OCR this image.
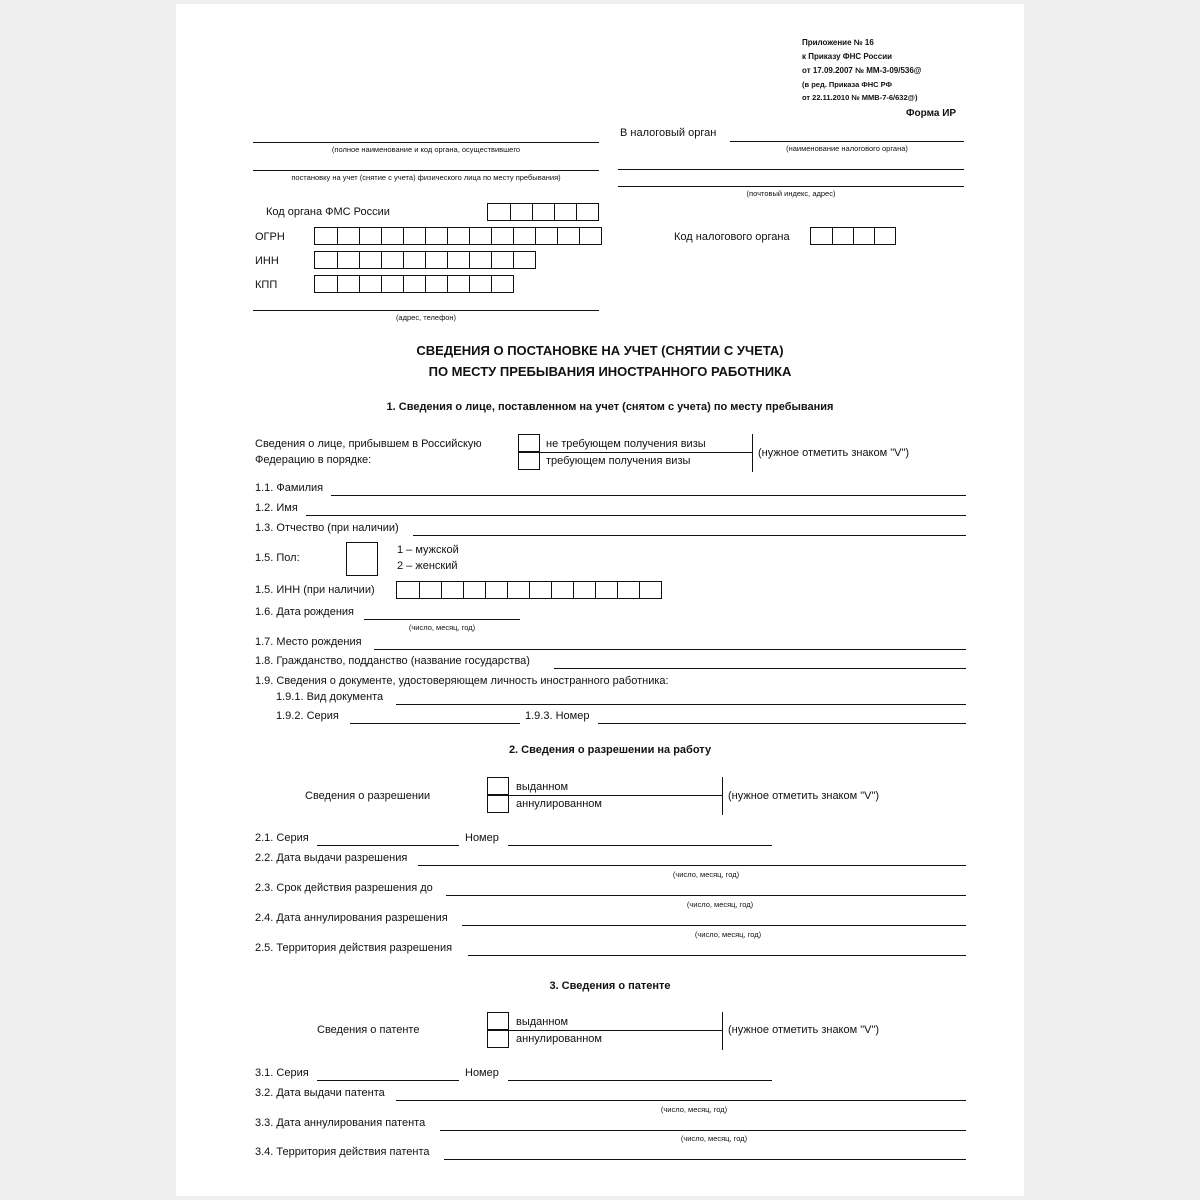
Приложение № 16
к Приказу ФНС России
от 17.09.2007 № ММ-3-09/536@
(в ред. Приказа ФНС РФ
от 22.11.2010 № ММВ-7-6/632@)
Форма ИР
(полное наименование и код органа, осуществившего
постановку на учет (снятие с учета) физического лица по месту пребывания)
Код органа ФМС России
ОГРН
ИНН
КПП
(адрес, телефон)
В налоговый орган
(наименование налогового органа)
(почтовый индекс, адрес)
Код налогового органа
СВЕДЕНИЯ О ПОСТАНОВКЕ НА УЧЕТ (СНЯТИИ С УЧЕТА)
ПО МЕСТУ ПРЕБЫВАНИЯ ИНОСТРАННОГО РАБОТНИКА
1. Сведения о лице, поставленном на учет (снятом с учета) по месту пребывания
Сведения о лице, прибывшем в Российскую
Федерацию в порядке:
не требующем получения визы
требующем получения визы
(нужное отметить знаком "V")
1.1. Фамилия
1.2. Имя
1.3. Отчество (при наличии)
1.5. Пол:
1 – мужской
2 – женский
1.5. ИНН (при наличии)
1.6. Дата рождения
(число, месяц, год)
1.7. Место рождения
1.8. Гражданство, подданство (название государства)
1.9. Сведения о документе, удостоверяющем личность иностранного работника:
1.9.1. Вид документа
1.9.2. Серия	1.9.3. Номер
2. Сведения о разрешении на работу
Сведения о разрешении
выданном
аннулированном
(нужное отметить знаком "V")
2.1. Серия	Номер
2.2. Дата выдачи разрешения
(число, месяц, год)
2.3. Срок действия разрешения до
(число, месяц, год)
2.4. Дата аннулирования разрешения
(число, месяц, год)
2.5. Территория действия разрешения
3. Сведения о патенте
Сведения о патенте
выданном
аннулированном
(нужное отметить знаком "V")
3.1. Серия	Номер
3.2. Дата выдачи патента
(число, месяц, год)
3.3. Дата аннулирования патента
(число, месяц, год)
3.4. Территория действия патента
